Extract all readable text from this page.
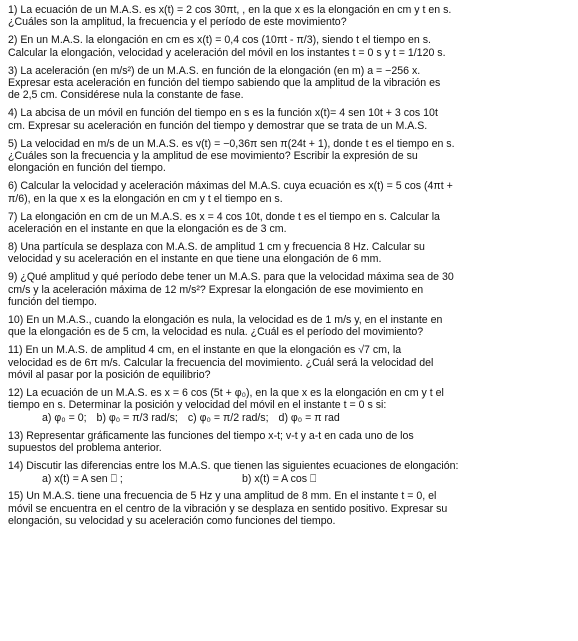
1) La ecuación de un M.A.S. es x(t) = 2 cos 30πt, , en la que x es la elongación en cm y t en s.
¿Cuáles son la amplitud, la frecuencia y el período de este movimiento?
2) En un M.A.S. la elongación en cm es x(t) = 0,4 cos (10πt - π/3), siendo t el tiempo en s.
Calcular la elongación, velocidad y aceleración del móvil en los instantes t = 0 s y t = 1/120 s.
3) La aceleración (en m/s²) de un M.A.S. en función de la elongación (en m) a = −256 x.
Expresar esta aceleración en función del tiempo sabiendo que la amplitud de la vibración es
de 2,5 cm. Considérese nula la constante de fase.
4) La abcisa de un móvil en función del tiempo en s es la función x(t)= 4 sen 10t + 3 cos 10t
cm. Expresar su aceleración en función del tiempo y demostrar que se trata de un M.A.S.
5) La velocidad en m/s de un M.A.S. es v(t) = −0,36π sen π(24t + 1), donde t es el tiempo en s.
¿Cuáles son la frecuencia y la amplitud de ese movimiento? Escribir la expresión de su
elongación en función del tiempo.
6) Calcular la velocidad y aceleración máximas del M.A.S. cuya ecuación es x(t) = 5 cos (4πt +
π/6), en la que x es la elongación en cm y t el tiempo en s.
7) La elongación en cm de un M.A.S. es x = 4 cos 10t, donde t es el tiempo en s. Calcular la
aceleración en el instante en que la elongación es de 3 cm.
8) Una partícula se desplaza con M.A.S. de amplitud 1 cm y frecuencia 8 Hz. Calcular su
velocidad y su aceleración en el instante en que tiene una elongación de 6 mm.
9) ¿Qué amplitud y qué período debe tener un M.A.S. para que la velocidad máxima sea de 30
cm/s y la aceleración máxima de 12 m/s²? Expresar la elongación de ese movimiento en
función del tiempo.
10) En un M.A.S., cuando la elongación es nula, la velocidad es de 1 m/s y, en el instante en
que la elongación es de 5 cm, la velocidad es nula. ¿Cuál es el período del movimiento?
11) En un M.A.S. de amplitud 4 cm, en el instante en que la elongación es √7 cm, la
velocidad es de 6π m/s. Calcular la frecuencia del movimiento. ¿Cuál será la velocidad del
móvil al pasar por la posición de equilibrio?
12) La ecuación de un M.A.S. es x = 6 cos (5t + φ₀), en la que x es la elongación en cm y t el
tiempo en s. Determinar la posición y velocidad del móvil en el instante t = 0 s si:
a) φ₀ = 0; b) φ₀ = π/3 rad/s; c) φ₀ = π/2 rad/s; d) φ₀ = π rad
13) Representar gráficamente las funciones del tiempo x-t; v-t y a-t en cada uno de los
supuestos del problema anterior.
14) Discutir las diferencias entre los M.A.S. que tienen las siguientes ecuaciones de elongación:
a) x(t) = A sen ⎕ ;	b) x(t) = A cos ⎕
15) Un M.A.S. tiene una frecuencia de 5 Hz y una amplitud de 8 mm. En el instante t = 0, el
móvil se encuentra en el centro de la vibración y se desplaza en sentido positivo. Expresar su
elongación, su velocidad y su aceleración como funciones del tiempo.
